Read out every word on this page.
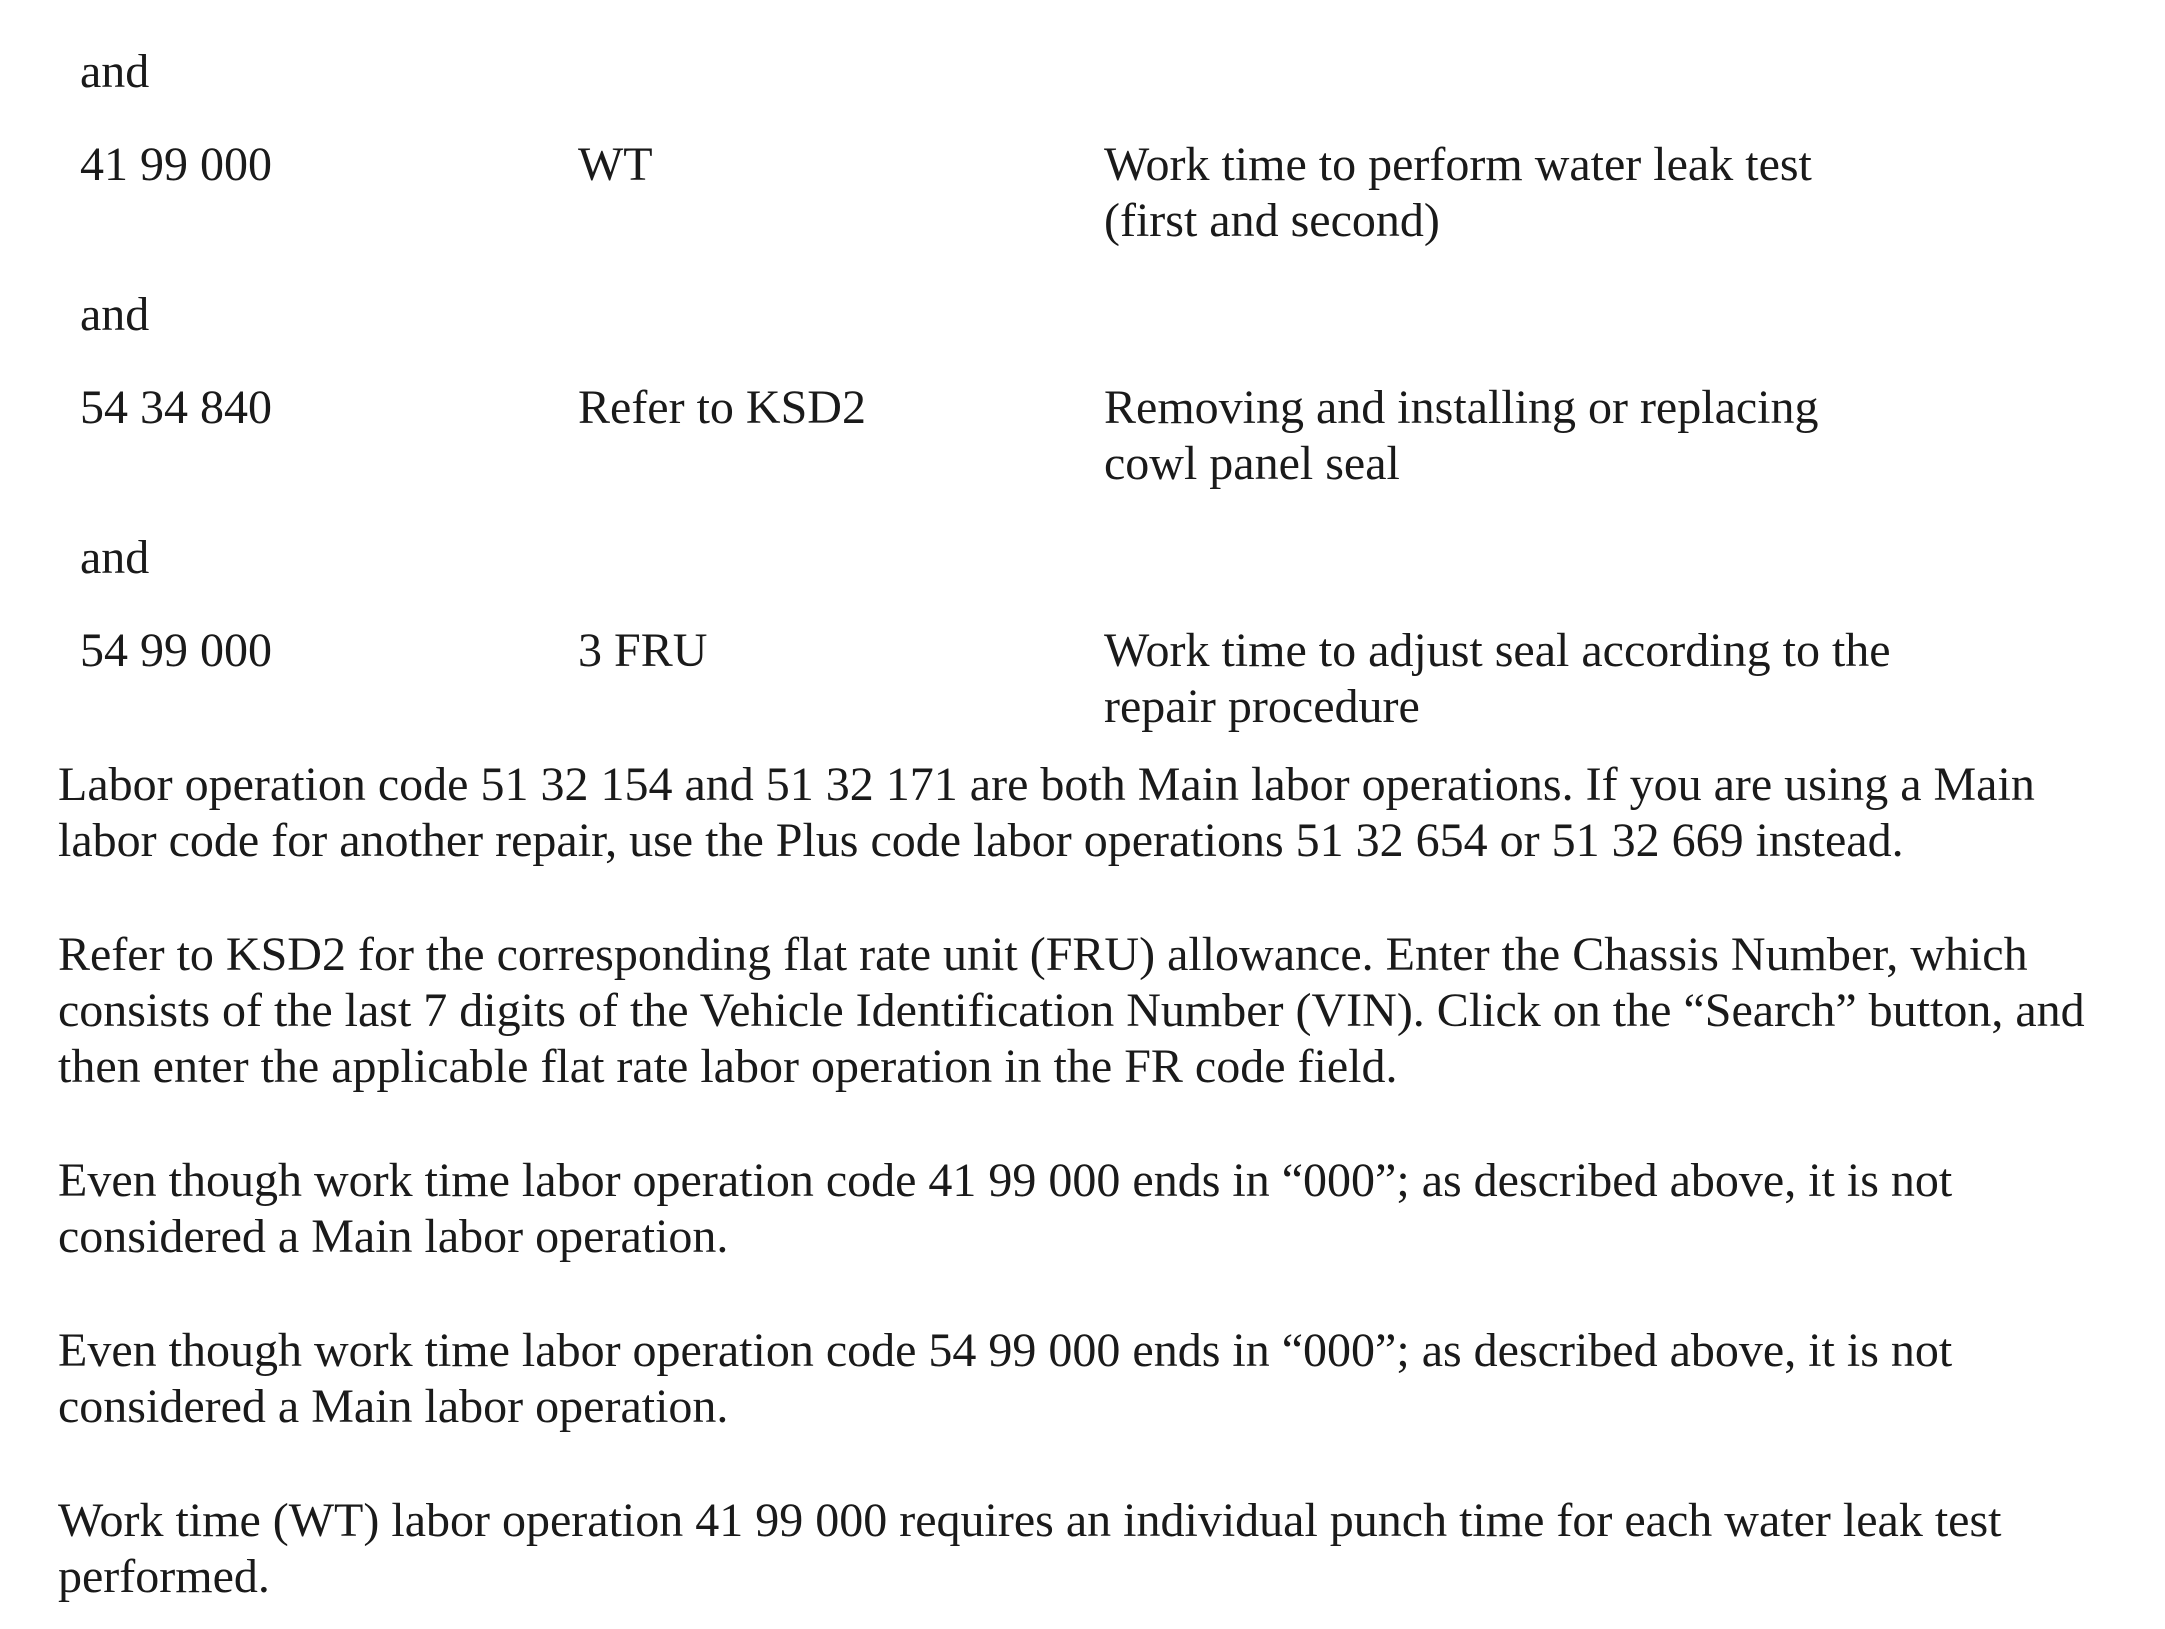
and
41 99 000	WT	Work time to perform water leak test
(first and second)
and
54 34 840	Refer to KSD2	Removing and installing or replacing
cowl panel seal
and
54 99 000	3 FRU	Work time to adjust seal according to the
repair procedure

Labor operation code 51 32 154 and 51 32 171 are both Main labor operations. If you are using a Main labor code for another repair, use the Plus code labor operations 51 32 654 or 51 32 669 instead.

Refer to KSD2 for the corresponding flat rate unit (FRU) allowance. Enter the Chassis Number, which consists of the last 7 digits of the Vehicle Identification Number (VIN). Click on the “Search” button, and then enter the applicable flat rate labor operation in the FR code field.

Even though work time labor operation code 41 99 000 ends in “000”; as described above, it is not considered a Main labor operation.

Even though work time labor operation code 54 99 000 ends in “000”; as described above, it is not considered a Main labor operation.

Work time (WT) labor operation 41 99 000 requires an individual punch time for each water leak test performed.
